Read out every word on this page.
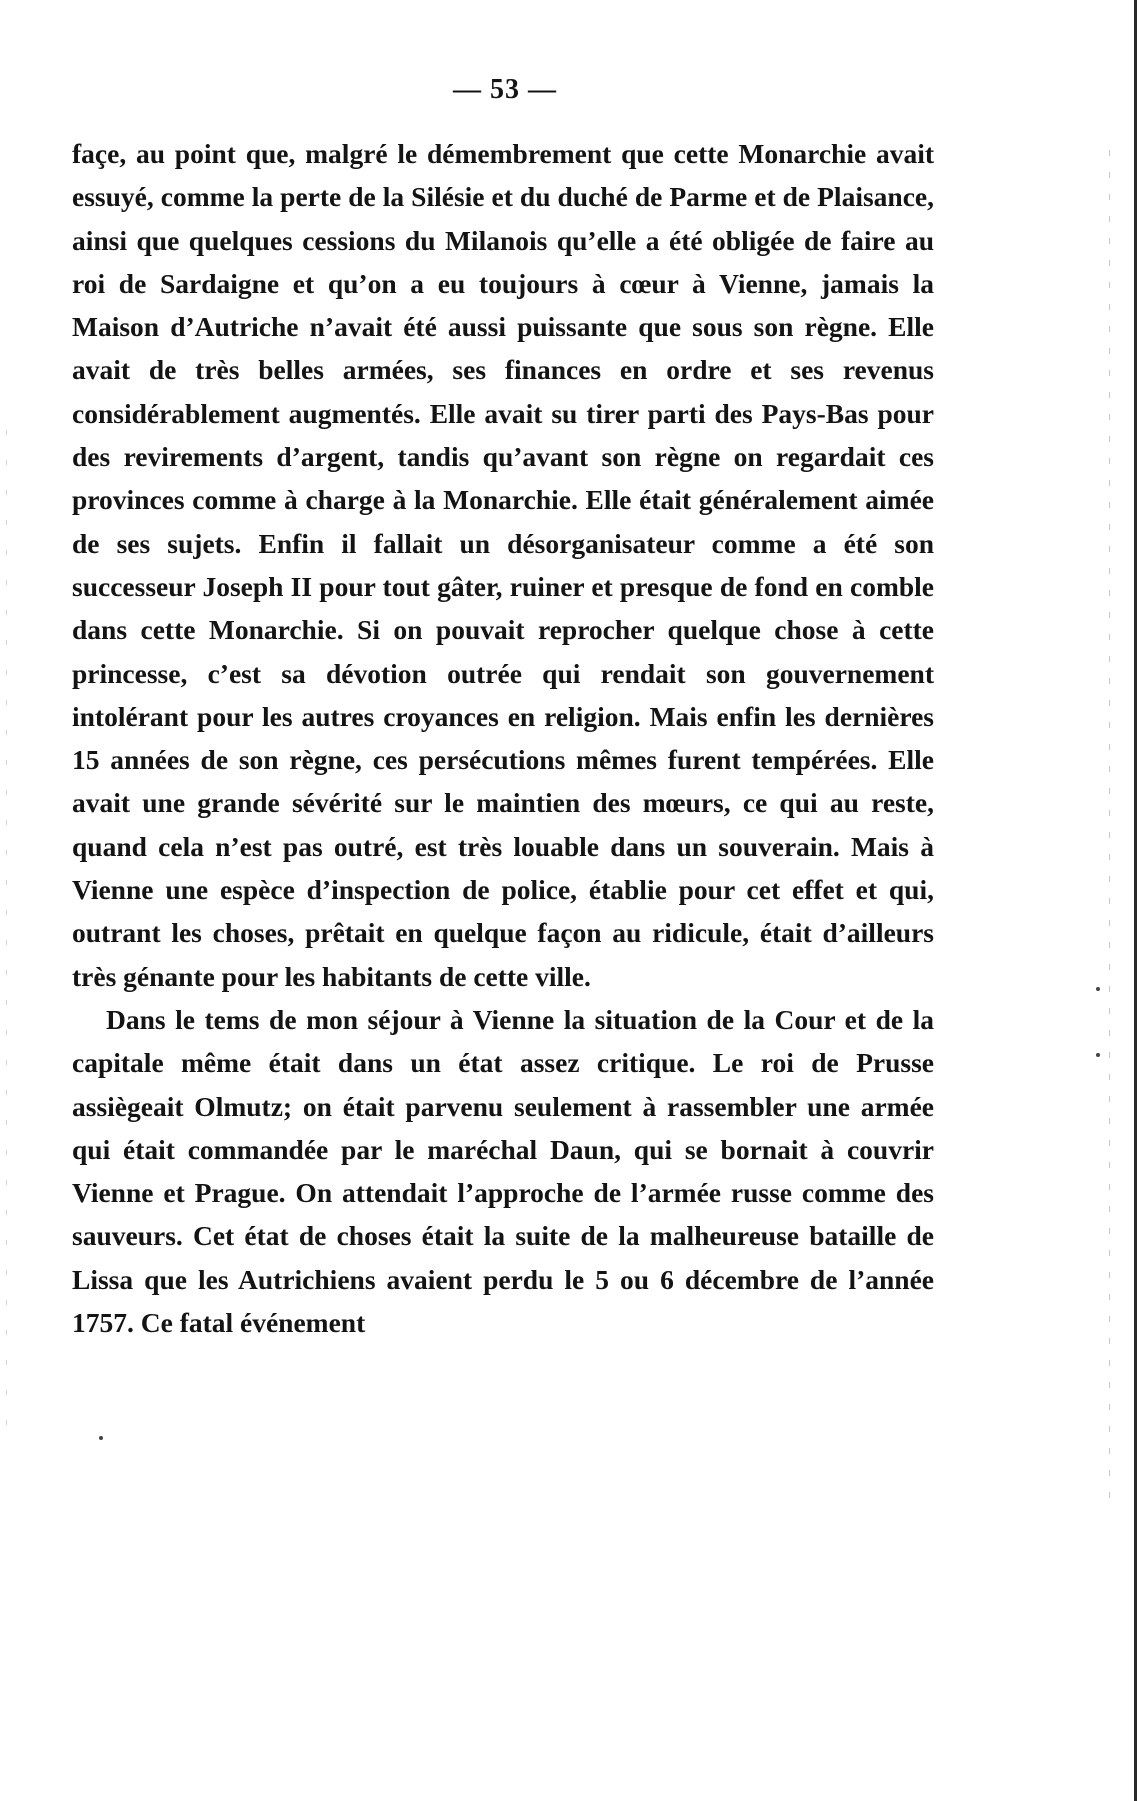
— 53 —

façe, au point que, malgré le démembrement que cette Monarchie avait essuyé, comme la perte de la Silésie et du duché de Parme et de Plaisance, ainsi que quelques cessions du Milanois qu’elle a été obligée de faire au roi de Sardaigne et qu’on a eu toujours à cœur à Vienne, jamais la Maison d’Autriche n’avait été aussi puissante que sous son règne. Elle avait de très belles armées, ses finances en ordre et ses revenus considérablement augmentés. Elle avait su tirer parti des Pays-Bas pour des revirements d’argent, tandis qu’avant son règne on regardait ces provinces comme à charge à la Monarchie. Elle était généralement aimée de ses sujets. Enfin il fallait un désorganisateur comme a été son successeur Joseph II pour tout gâter, ruiner et presque de fond en comble dans cette Monarchie. Si on pouvait reprocher quelque chose à cette princesse, c’est sa dévotion outrée qui rendait son gouvernement intolérant pour les autres croyances en religion. Mais enfin les dernières 15 années de son règne, ces persécutions mêmes furent tempérées. Elle avait une grande sévérité sur le maintien des mœurs, ce qui au reste, quand cela n’est pas outré, est très louable dans un souverain. Mais à Vienne une espèce d’inspection de police, établie pour cet effet et qui, outrant les choses, prêtait en quelque façon au ridicule, était d’ailleurs très génante pour les habitants de cette ville.

Dans le tems de mon séjour à Vienne la situation de la Cour et de la capitale même était dans un état assez critique. Le roi de Prusse assiègeait Olmutz; on était parvenu seulement à rassembler une armée qui était commandée par le maréchal Daun, qui se bornait à couvrir Vienne et Prague. On attendait l’approche de l’armée russe comme des sauveurs. Cet état de choses était la suite de la malheureuse bataille de Lissa que les Autrichiens avaient perdu le 5 ou 6 décembre de l’année 1757. Ce fatal événement
